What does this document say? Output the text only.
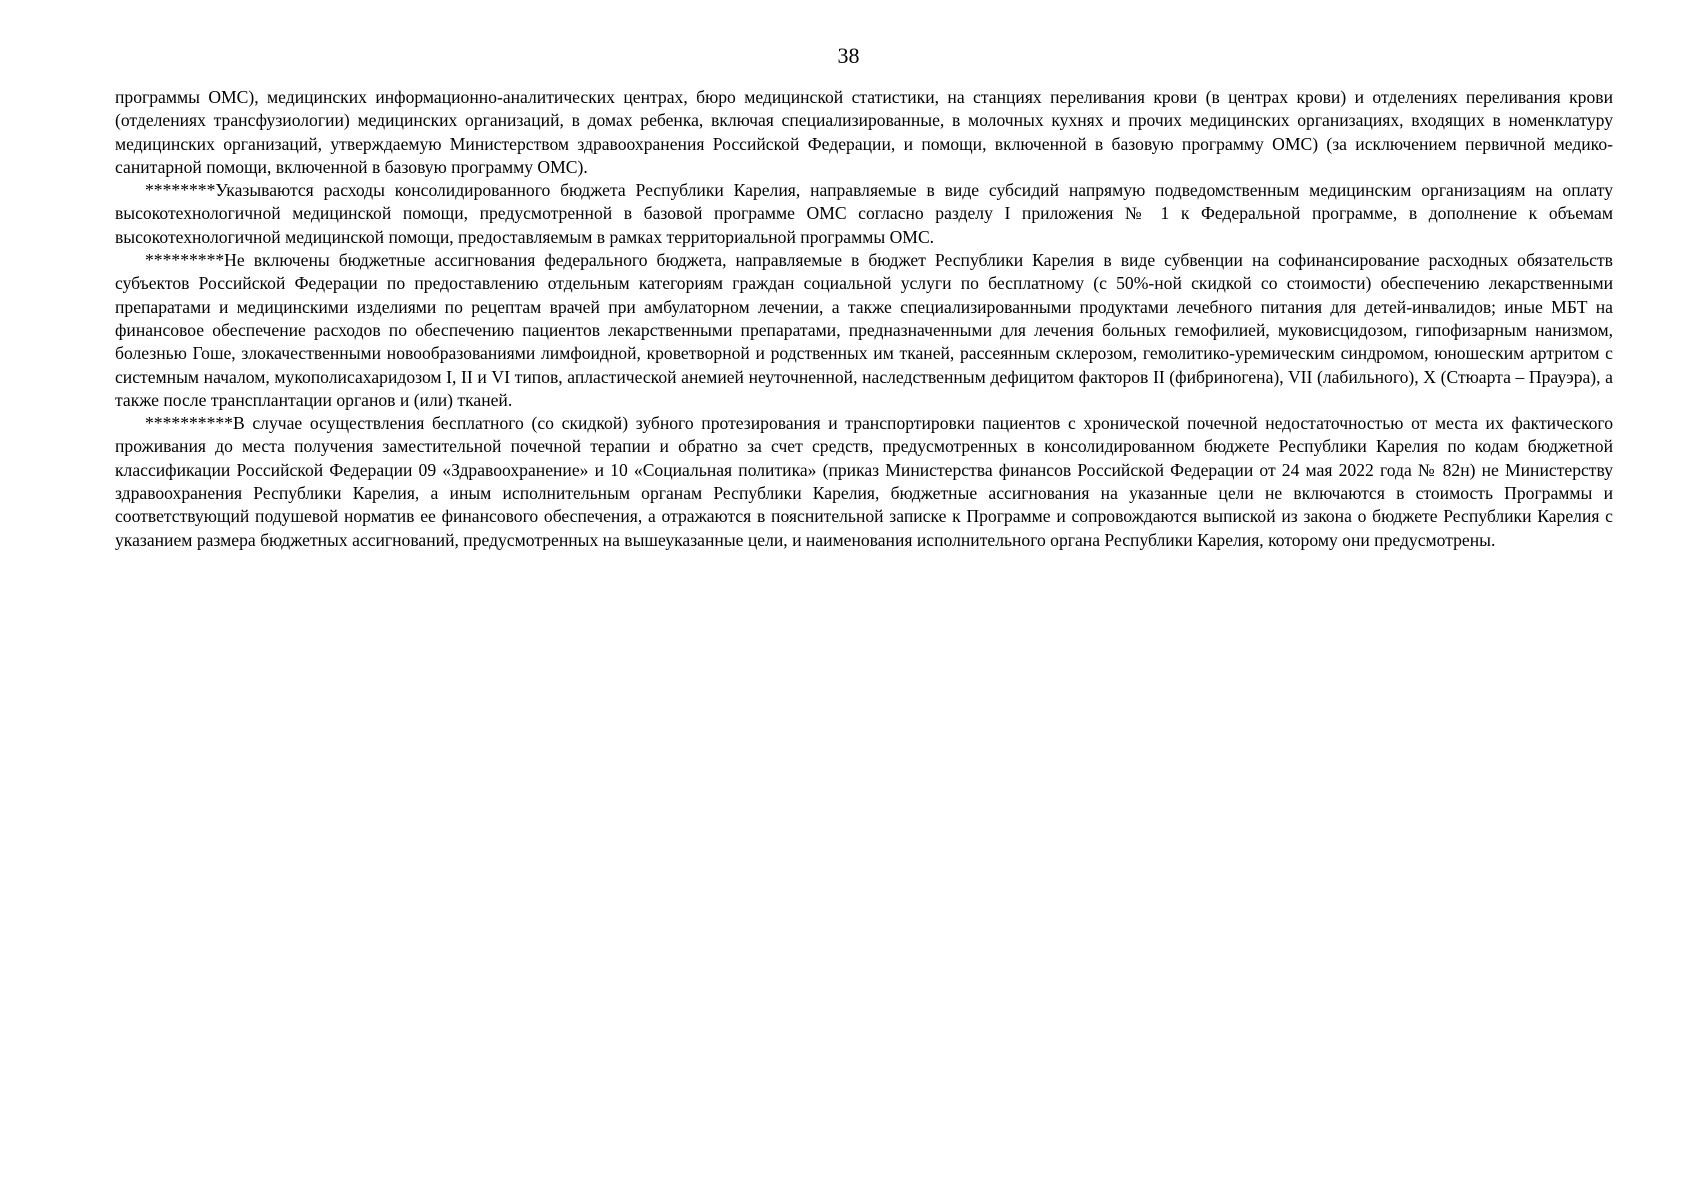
38

программы ОМС), медицинских информационно-аналитических центрах, бюро медицинской статистики, на станциях переливания крови (в центрах крови) и отделениях переливания крови (отделениях трансфузиологии) медицинских организаций, в домах ребенка, включая специализированные, в молочных кухнях и прочих медицинских организациях, входящих в номенклатуру медицинских организаций, утверждаемую Министерством здравоохранения Российской Федерации, и помощи, включенной в базовую программу ОМС) (за исключением первичной медико-санитарной помощи, включенной в базовую программу ОМС).

********Указываются расходы консолидированного бюджета Республики Карелия, направляемые в виде субсидий напрямую подведомственным медицинским организациям на оплату высокотехнологичной медицинской помощи, предусмотренной в базовой программе ОМС согласно разделу I приложения № 1 к Федеральной программе, в дополнение к объемам высокотехнологичной медицинской помощи, предоставляемым в рамках территориальной программы ОМС.

*********Не включены бюджетные ассигнования федерального бюджета, направляемые в бюджет Республики Карелия в виде субвенции на софинансирование расходных обязательств субъектов Российской Федерации по предоставлению отдельным категориям граждан социальной услуги по бесплатному (с 50%-ной скидкой со стоимости) обеспечению лекарственными препаратами и медицинскими изделиями по рецептам врачей при амбулаторном лечении, а также специализированными продуктами лечебного питания для детей-инвалидов; иные МБТ на финансовое обеспечение расходов по обеспечению пациентов лекарственными препаратами, предназначенными для лечения больных гемофилией, муковисцидозом, гипофизарным нанизмом, болезнью Гоше, злокачественными новообразованиями лимфоидной, кроветворной и родственных им тканей, рассеянным склерозом, гемолитико-уремическим синдромом, юношеским артритом с системным началом, мукополисахаридозом I, II и VI типов, апластической анемией неуточненной, наследственным дефицитом факторов II (фибриногена), VII (лабильного), X (Стюарта – Прауэра), а также после трансплантации органов и (или) тканей.

**********В случае осуществления бесплатного (со скидкой) зубного протезирования и транспортировки пациентов с хронической почечной недостаточностью от места их фактического проживания до места получения заместительной почечной терапии и обратно за счет средств, предусмотренных в консолидированном бюджете Республики Карелия по кодам бюджетной классификации Российской Федерации 09 «Здравоохранение» и 10 «Социальная политика» (приказ Министерства финансов Российской Федерации от 24 мая 2022 года № 82н) не Министерству здравоохранения Республики Карелия, а иным исполнительным органам Республики Карелия, бюджетные ассигнования на указанные цели не включаются в стоимость Программы и соответствующий подушевой норматив ее финансового обеспечения, а отражаются в пояснительной записке к Программе и сопровождаются выпиской из закона о бюджете Республики Карелия с указанием размера бюджетных ассигнований, предусмотренных на вышеуказанные цели, и наименования исполнительного органа Республики Карелия, которому они предусмотрены.
